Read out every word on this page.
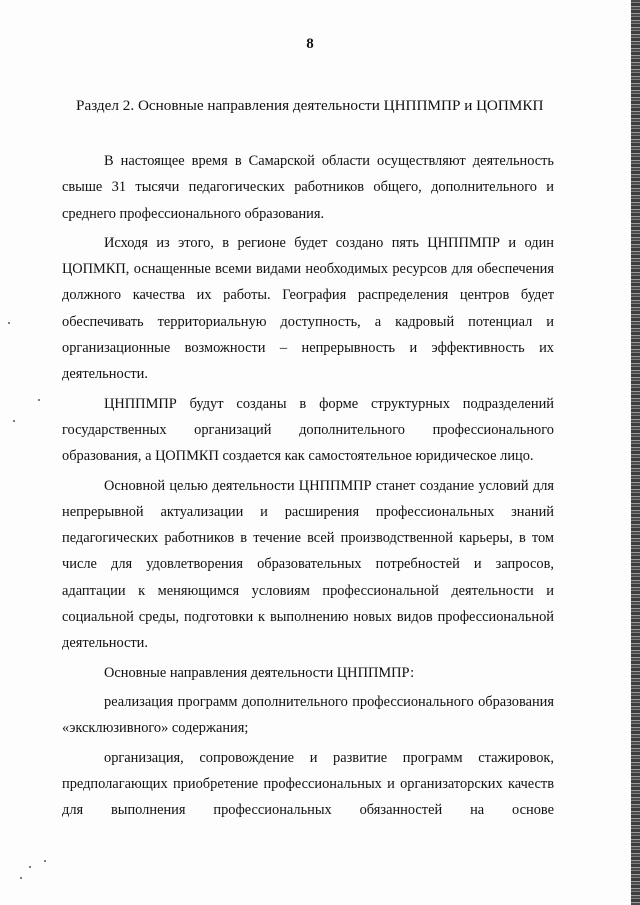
8
Раздел 2. Основные направления деятельности ЦНППМПР и ЦОПМКП

В настоящее время в Самарской области осуществляют деятельность свыше 31 тысячи педагогических работников общего, дополнительного и среднего профессионального образования.

Исходя из этого, в регионе будет создано пять ЦНППМПР и один ЦОПМКП, оснащенные всеми видами необходимых ресурсов для обеспечения должного качества их работы. География распределения центров будет обеспечивать территориальную доступность, а кадровый потенциал и организационные возможности – непрерывность и эффективность их деятельности.

ЦНППМПР будут созданы в форме структурных подразделений государственных организаций дополнительного профессионального образования, а ЦОПМКП создается как самостоятельное юридическое лицо.

Основной целью деятельности ЦНППМПР станет создание условий для непрерывной актуализации и расширения профессиональных знаний педагогических работников в течение всей производственной карьеры, в том числе для удовлетворения образовательных потребностей и запросов, адаптации к меняющимся условиям профессиональной деятельности и социальной среды, подготовки к выполнению новых видов профессиональной деятельности.

Основные направления деятельности ЦНППМПР:

реализация программ дополнительного профессионального образования «эксклюзивного» содержания;

организация, сопровождение и развитие программ стажировок, предполагающих приобретение профессиональных и организаторских качеств для выполнения профессиональных обязанностей на основе
